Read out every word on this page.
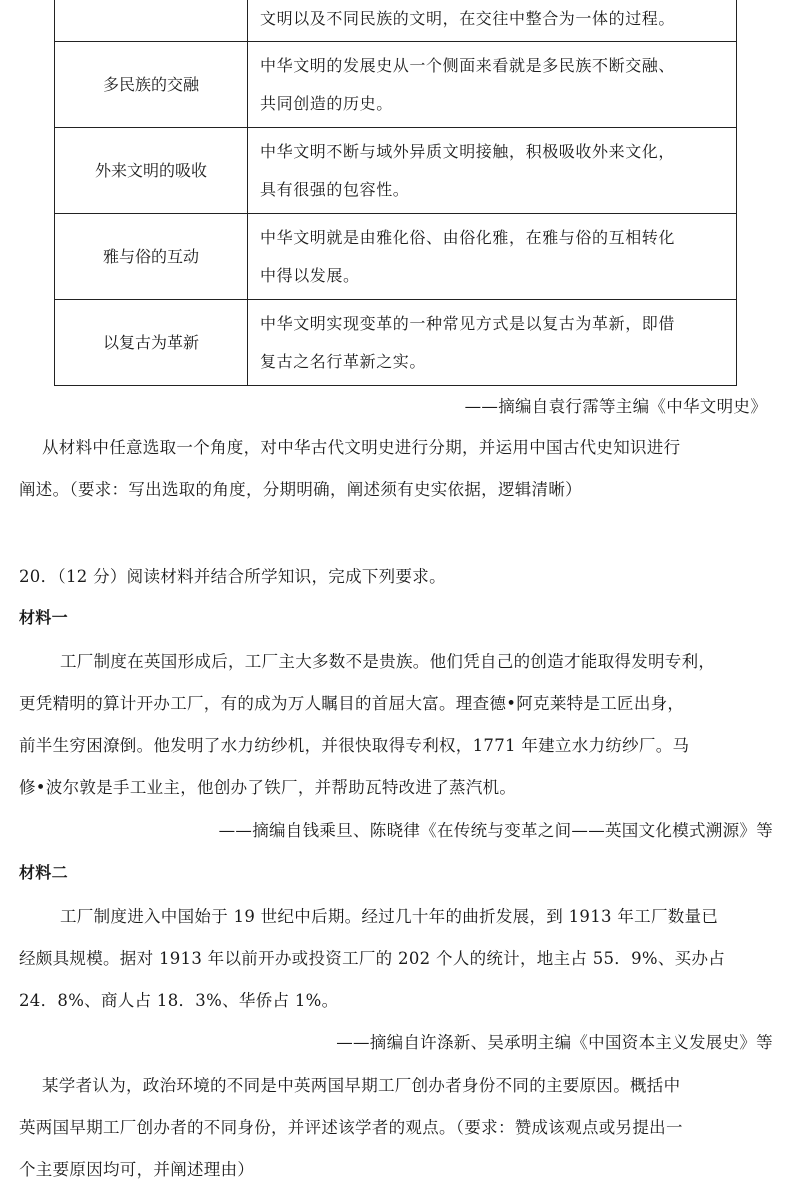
	文明以及不同民族的文明，在交往中整合为一体的过程。

多民族的交融	中华文明的发展史从一个侧面来看就是多民族不断交融、
共同创造的历史。

外来文明的吸收	中华文明不断与域外异质文明接触，积极吸收外来文化，
具有很强的包容性。

雅与俗的互动	中华文明就是由雅化俗、由俗化雅，在雅与俗的互相转化
中得以发展。

以复古为革新	中华文明实现变革的一种常见方式是以复古为革新，即借
复古之名行革新之实。
——摘编自袁行霈等主编《中华文明史》
从材料中任意选取一个角度，对中华古代文明史进行分期，并运用中国古代史知识进行
阐述。（要求：写出选取的角度，分期明确，阐述须有史实依据，逻辑清晰）
20．（12 分）阅读材料并结合所学知识，完成下列要求。
材料一
工厂制度在英国形成后，工厂主大多数不是贵族。他们凭自己的创造才能取得发明专利，
更凭精明的算计开办工厂，有的成为万人瞩目的首屈大富。理查德•阿克莱特是工匠出身，
前半生穷困潦倒。他发明了水力纺纱机，并很快取得专利权，1771 年建立水力纺纱厂。马
修•波尔敦是手工业主，他创办了铁厂，并帮助瓦特改进了蒸汽机。
——摘编自钱乘旦、陈晓律《在传统与变革之间——英国文化模式溯源》等
材料二
工厂制度进入中国始于 19 世纪中后期。经过几十年的曲折发展，到 1913 年工厂数量已
经颇具规模。据对 1913 年以前开办或投资工厂的 202 个人的统计，地主占 55．9%、买办占
24．8%、商人占 18．3%、华侨占 1%。
——摘编自许涤新、吴承明主编《中国资本主义发展史》等
某学者认为，政治环境的不同是中英两国早期工厂创办者身份不同的主要原因。概括中
英两国早期工厂创办者的不同身份，并评述该学者的观点。（要求：赞成该观点或另提出一
个主要原因均可，并阐述理由）
